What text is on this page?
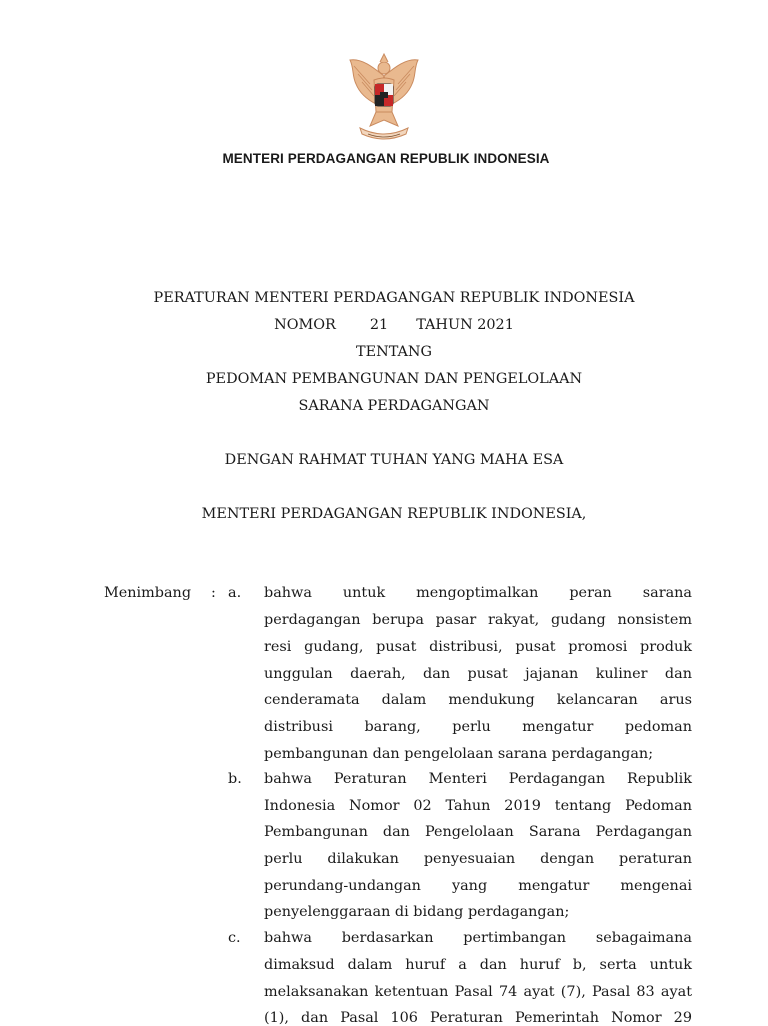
MENTERI PERDAGANGAN REPUBLIK INDONESIA
PERATURAN MENTERI PERDAGANGAN REPUBLIK INDONESIA
NOMOR 21 TAHUN 2021
TENTANG
PEDOMAN PEMBANGUNAN DAN PENGELOLAAN
SARANA PERDAGANGAN
DENGAN RAHMAT TUHAN YANG MAHA ESA
MENTERI PERDAGANGAN REPUBLIK INDONESIA,
Menimbang : a. bahwa untuk mengoptimalkan peran sarana
perdagangan berupa pasar rakyat, gudang nonsistem
resi gudang, pusat distribusi, pusat promosi produk
unggulan daerah, dan pusat jajanan kuliner dan
cenderamata dalam mendukung kelancaran arus
distribusi barang, perlu mengatur pedoman
pembangunan dan pengelolaan sarana perdagangan;
b. bahwa Peraturan Menteri Perdagangan Republik
Indonesia Nomor 02 Tahun 2019 tentang Pedoman
Pembangunan dan Pengelolaan Sarana Perdagangan
perlu dilakukan penyesuaian dengan peraturan
perundang-undangan yang mengatur mengenai
penyelenggaraan di bidang perdagangan;
c. bahwa berdasarkan pertimbangan sebagaimana
dimaksud dalam huruf a dan huruf b, serta untuk
melaksanakan ketentuan Pasal 74 ayat (7), Pasal 83 ayat
(1), dan Pasal 106 Peraturan Pemerintah Nomor 29
